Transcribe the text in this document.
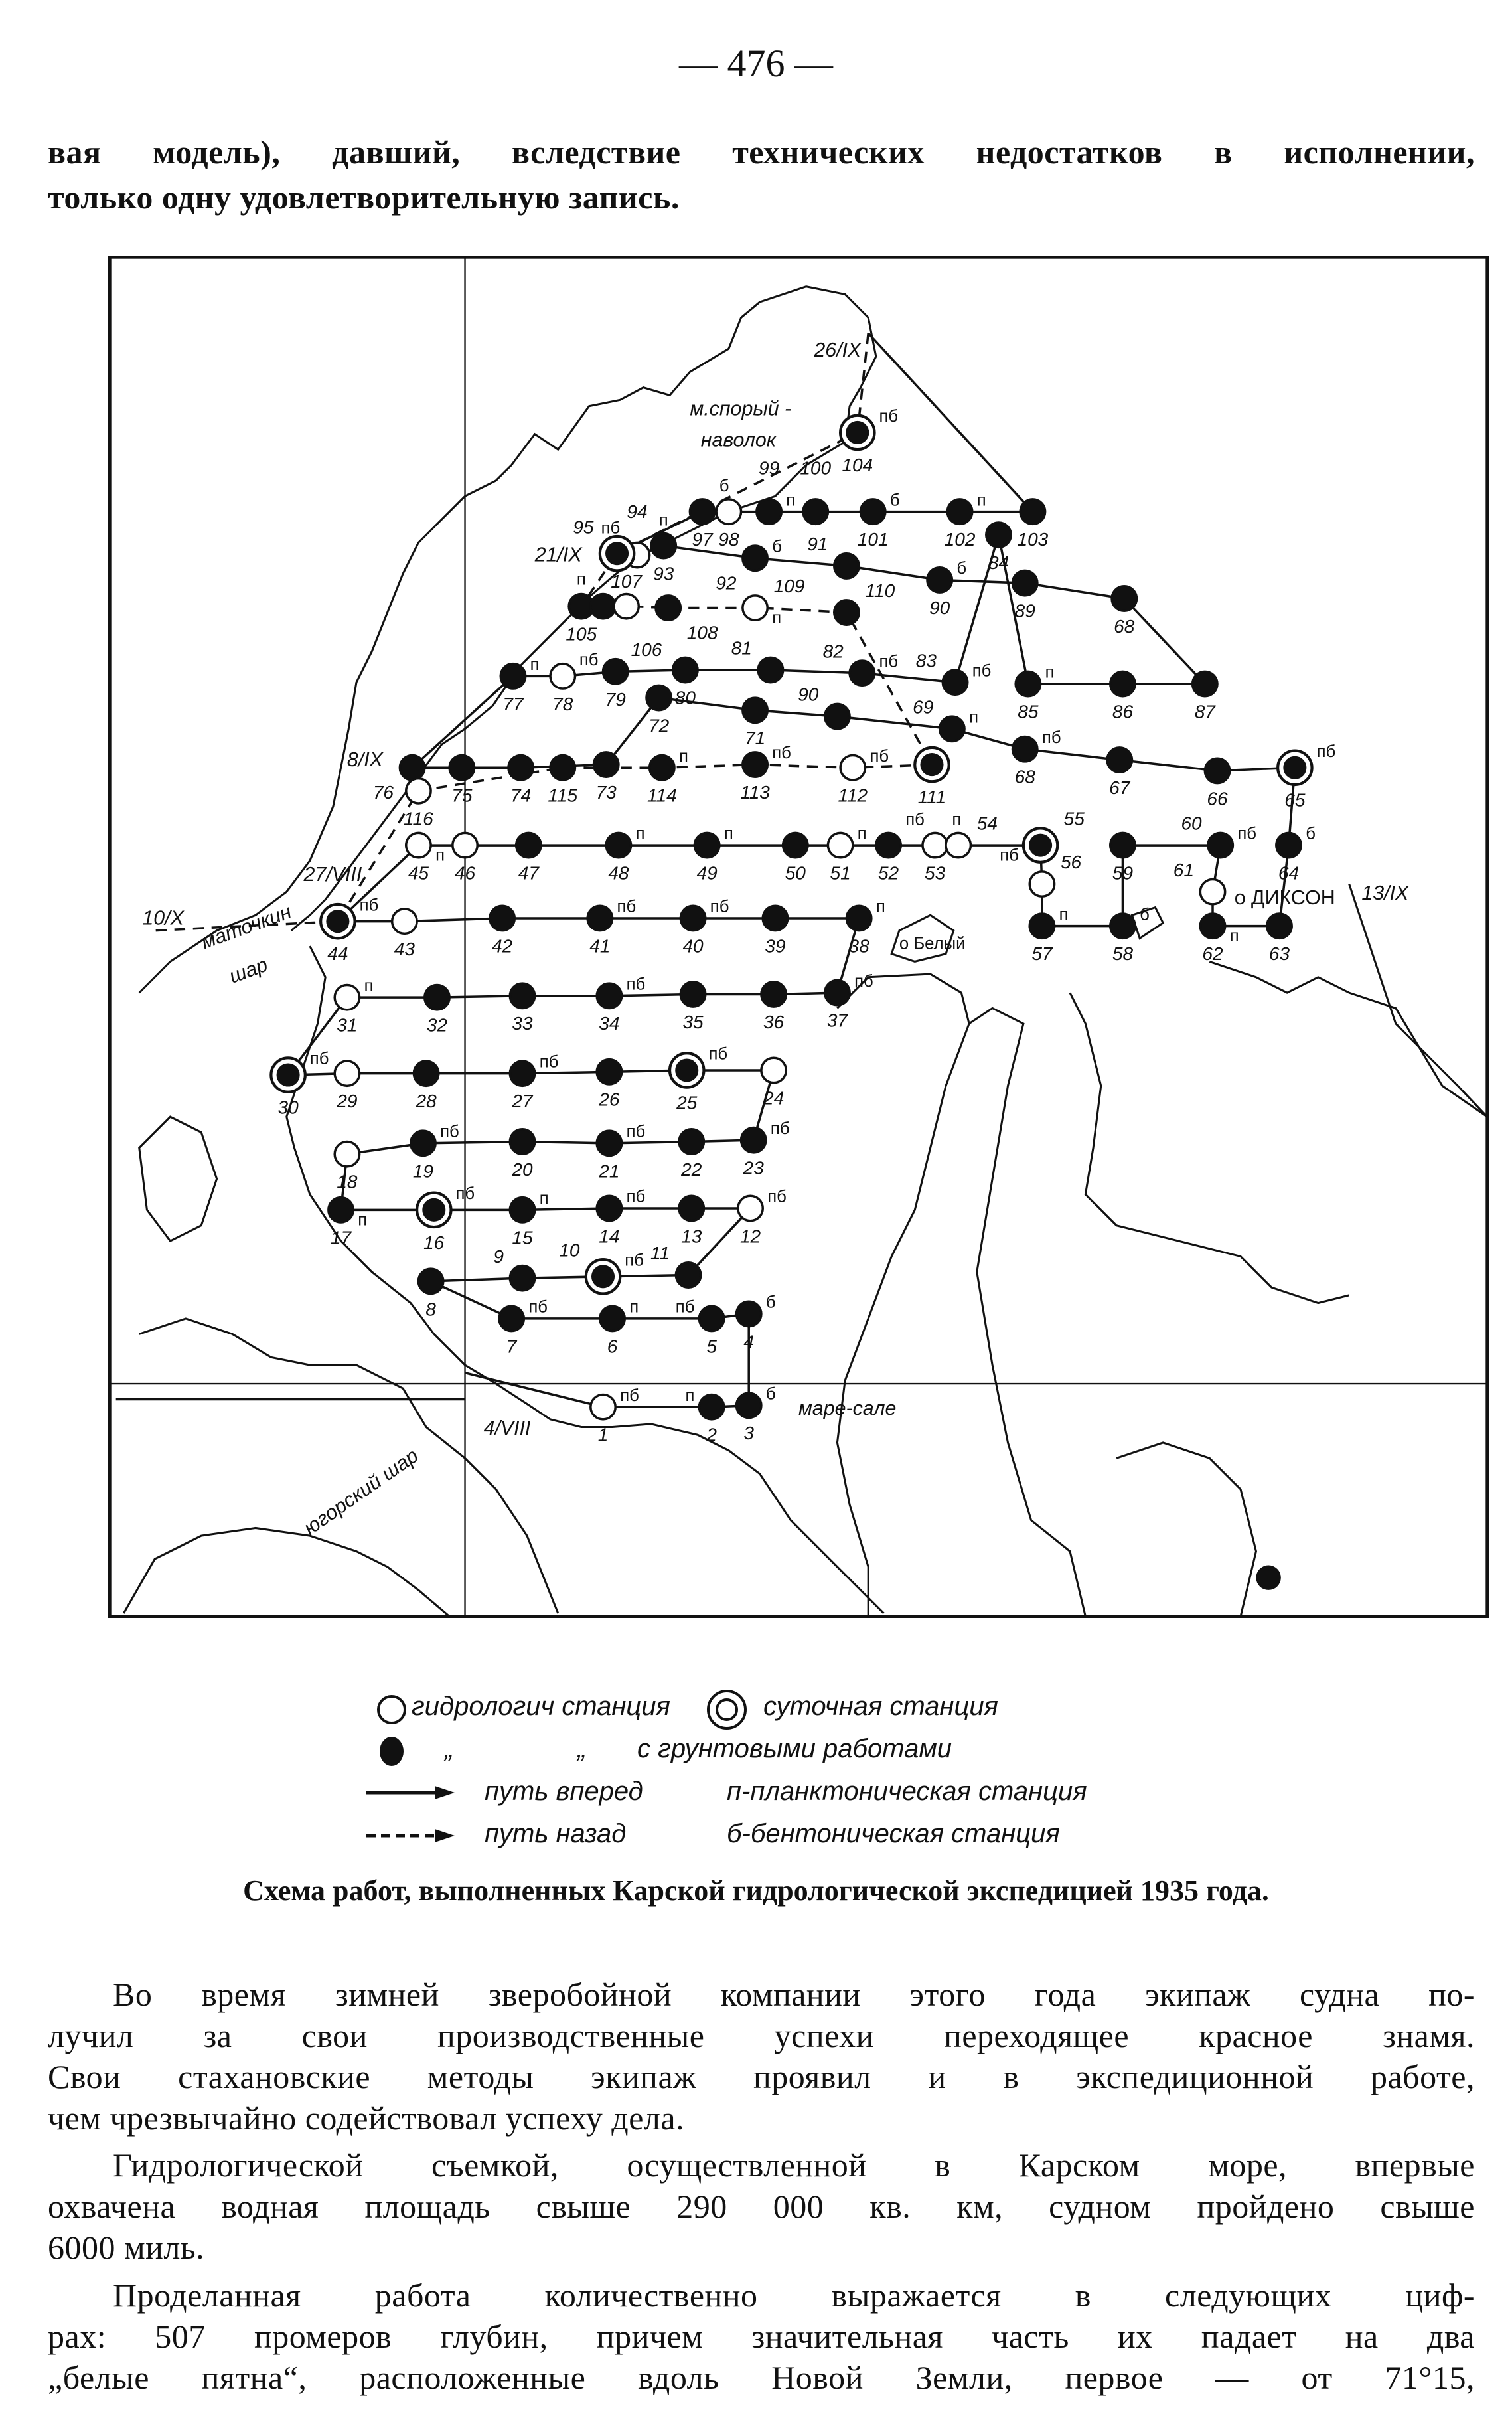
— 476 —
вая модель), давший, вследствие технических недостатков в исполнении,
только одну удовлетворительную запись.
1
пб
2
п
3
б
4
б
5
пб
6
п
7
пб
8
9	10
пб 11
12
пб
13
14
пб
15
п
16
пб
17
п
18
19
пб
20	21
пб
22	23
пб
24
25
пб
26
27
пб
28
29
30
пб
31
п
32	33	34
пб
35	36	37
пб
38
п
39
40
пб
41
пб
42
43
44
пб
45
п
46	47	48
п
49
п
50	51
п
52
пб
53
п 54	55
пб	56
57
п
58
б
59
60
пб
61
62
п
63
64
б
65
пб
66
67
68
пб
69
п
90
71
72
73
74
75
76
77
п
78	79
пб
80
81	82
пб 83
пб
84
85
п
86	87
68
89
90
б
91
92
б
93
п
94
пб
95
97
б
98
99
п
100
101
б
102
п
103
104
пб
105
106
п	107
108
109
п
110
111
112
пб
113
пб
114
п
115
116
м.спорый -
наволок
маточкин
шар
югорский шар
маре-сале
о Белый
о ДИКСОН
26/IX
21/IX
8/IX
27/VIII
10/X
4/VIII
13/IX
гидрологич станция	суточная станция
„	„ с грунтовыми работами
путь вперед	п-планктоническая станция
путь назад	б-бентоническая станция
Схема работ, выполненных Карской гидрологической экспедицией 1935 года.
Во время зимней зверобойной компании этого года экипаж судна по-
лучил за свои производственные успехи переходящее красное знамя.
Свои стахановские методы экипаж проявил и в экспедиционной работе,
чем чрезвычайно содействовал успеху дела.
Гидрологической съемкой, осуществленной в Карском море, впервые
охвачена водная площадь свыше 290 000 кв. км, судном пройдено свыше
6000 миль.
Проделанная работа количественно выражается в следующих циф-
рах: 507 промеров глубин, причем значительная часть их падает на два
„белые пятна“, расположенные вдоль Новой Земли, первое — от 71°15,
